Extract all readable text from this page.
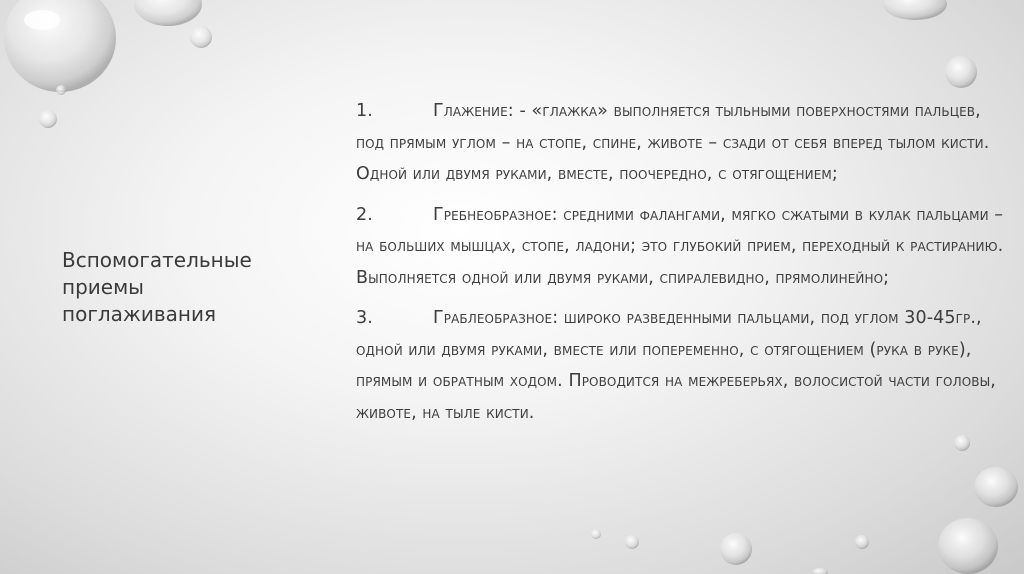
Вспомогательные
приемы
поглаживания
1.	Глажение: - «глажка» выполняется тыльными поверхностями пальцев, под прямым углом – на стопе, спине, животе – сзади от себя вперед тылом кисти. Одной или двумя руками, вместе, поочередно, с отягощением;
2.	Гребнеобразное: средними фалангами, мягко сжатыми в кулак пальцами – на больших мышцах, стопе, ладони; это глубокий прием, переходный к растиранию. Выполняется одной или двумя руками, спиралевидно, прямолинейно;
3.	Граблеобразное: широко разведенными пальцами, под углом 30-45гр., одной или двумя руками, вместе или попеременно, с отягощением (рука в руке), прямым и обратным ходом. Проводится на межреберьях, волосистой части головы, животе, на тыле кисти.
